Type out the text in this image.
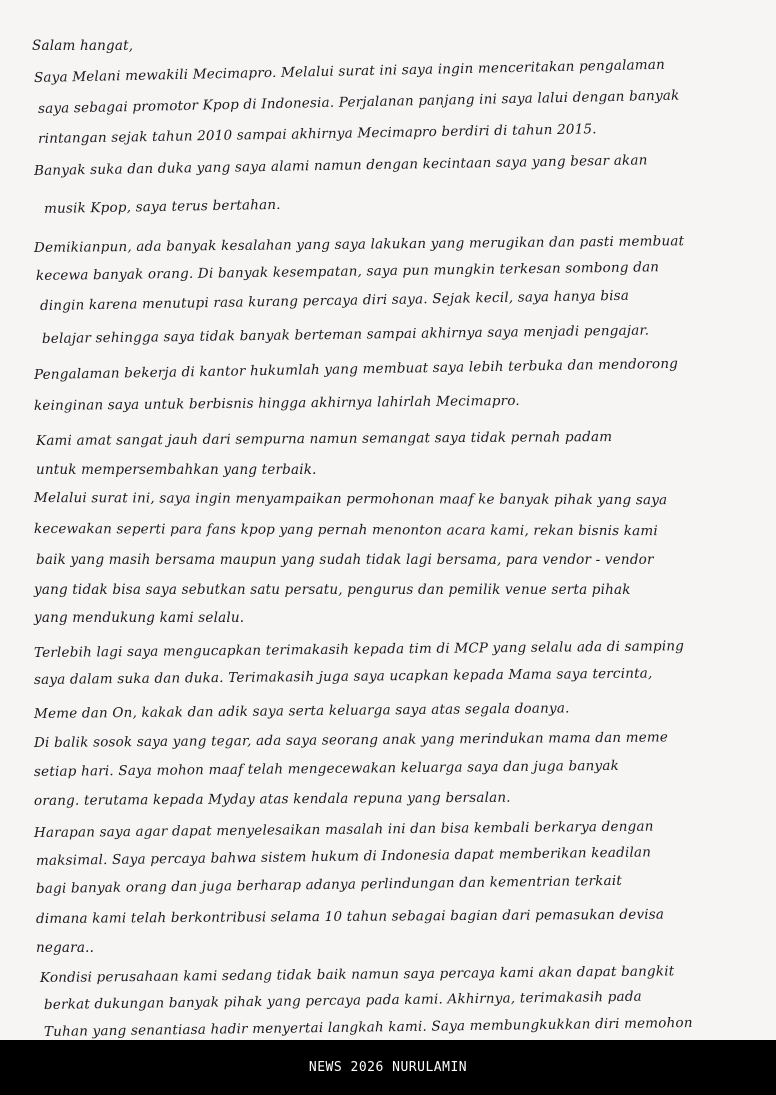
Salam hangat,
Saya Melani mewakili Mecimapro. Melalui surat ini saya ingin menceritakan pengalaman
saya sebagai promotor Kpop di Indonesia. Perjalanan panjang ini saya lalui dengan banyak
rintangan sejak tahun 2010 sampai akhirnya Mecimapro berdiri di tahun 2015.
Banyak suka dan duka yang saya alami namun dengan kecintaan saya yang besar akan
musik Kpop, saya terus bertahan.
Demikianpun, ada banyak kesalahan yang saya lakukan yang merugikan dan pasti membuat
kecewa banyak orang. Di banyak kesempatan, saya pun mungkin terkesan sombong dan
dingin karena menutupi rasa kurang percaya diri saya. Sejak kecil, saya hanya bisa
belajar sehingga saya tidak banyak berteman sampai akhirnya saya menjadi pengajar.
Pengalaman bekerja di kantor hukumlah yang membuat saya lebih terbuka dan mendorong
keinginan saya untuk berbisnis hingga akhirnya lahirlah Mecimapro.
Kami amat sangat jauh dari sempurna namun semangat saya tidak pernah padam
untuk mempersembahkan yang terbaik.
Melalui surat ini, saya ingin menyampaikan permohonan maaf ke banyak pihak yang saya
kecewakan seperti para fans kpop yang pernah menonton acara kami, rekan bisnis kami
baik yang masih bersama maupun yang sudah tidak lagi bersama, para vendor - vendor
yang tidak bisa saya sebutkan satu persatu, pengurus dan pemilik venue serta pihak
yang mendukung kami selalu.
Terlebih lagi saya mengucapkan terimakasih kepada tim di MCP yang selalu ada di samping
saya dalam suka dan duka. Terimakasih juga saya ucapkan kepada Mama saya tercinta,
Meme dan On, kakak dan adik saya serta keluarga saya atas segala doanya.
Di balik sosok saya yang tegar, ada saya seorang anak yang merindukan mama dan meme
setiap hari. Saya mohon maaf telah mengecewakan keluarga saya dan juga banyak
orang. terutama kepada Myday atas kendala repuna yang bersalan.
Harapan saya agar dapat menyelesaikan masalah ini dan bisa kembali berkarya dengan
maksimal. Saya percaya bahwa sistem hukum di Indonesia dapat memberikan keadilan
bagi banyak orang dan juga berharap adanya perlindungan dan kementrian terkait
dimana kami telah berkontribusi selama 10 tahun sebagai bagian dari pemasukan devisa
negara..
Kondisi perusahaan kami sedang tidak baik namun saya percaya kami akan dapat bangkit
berkat dukungan banyak pihak yang percaya pada kami. Akhirnya, terimakasih pada
Tuhan yang senantiasa hadir menyertai langkah kami. Saya membungkukkan diri memohon
NEWS 2026 NURULAMIN
